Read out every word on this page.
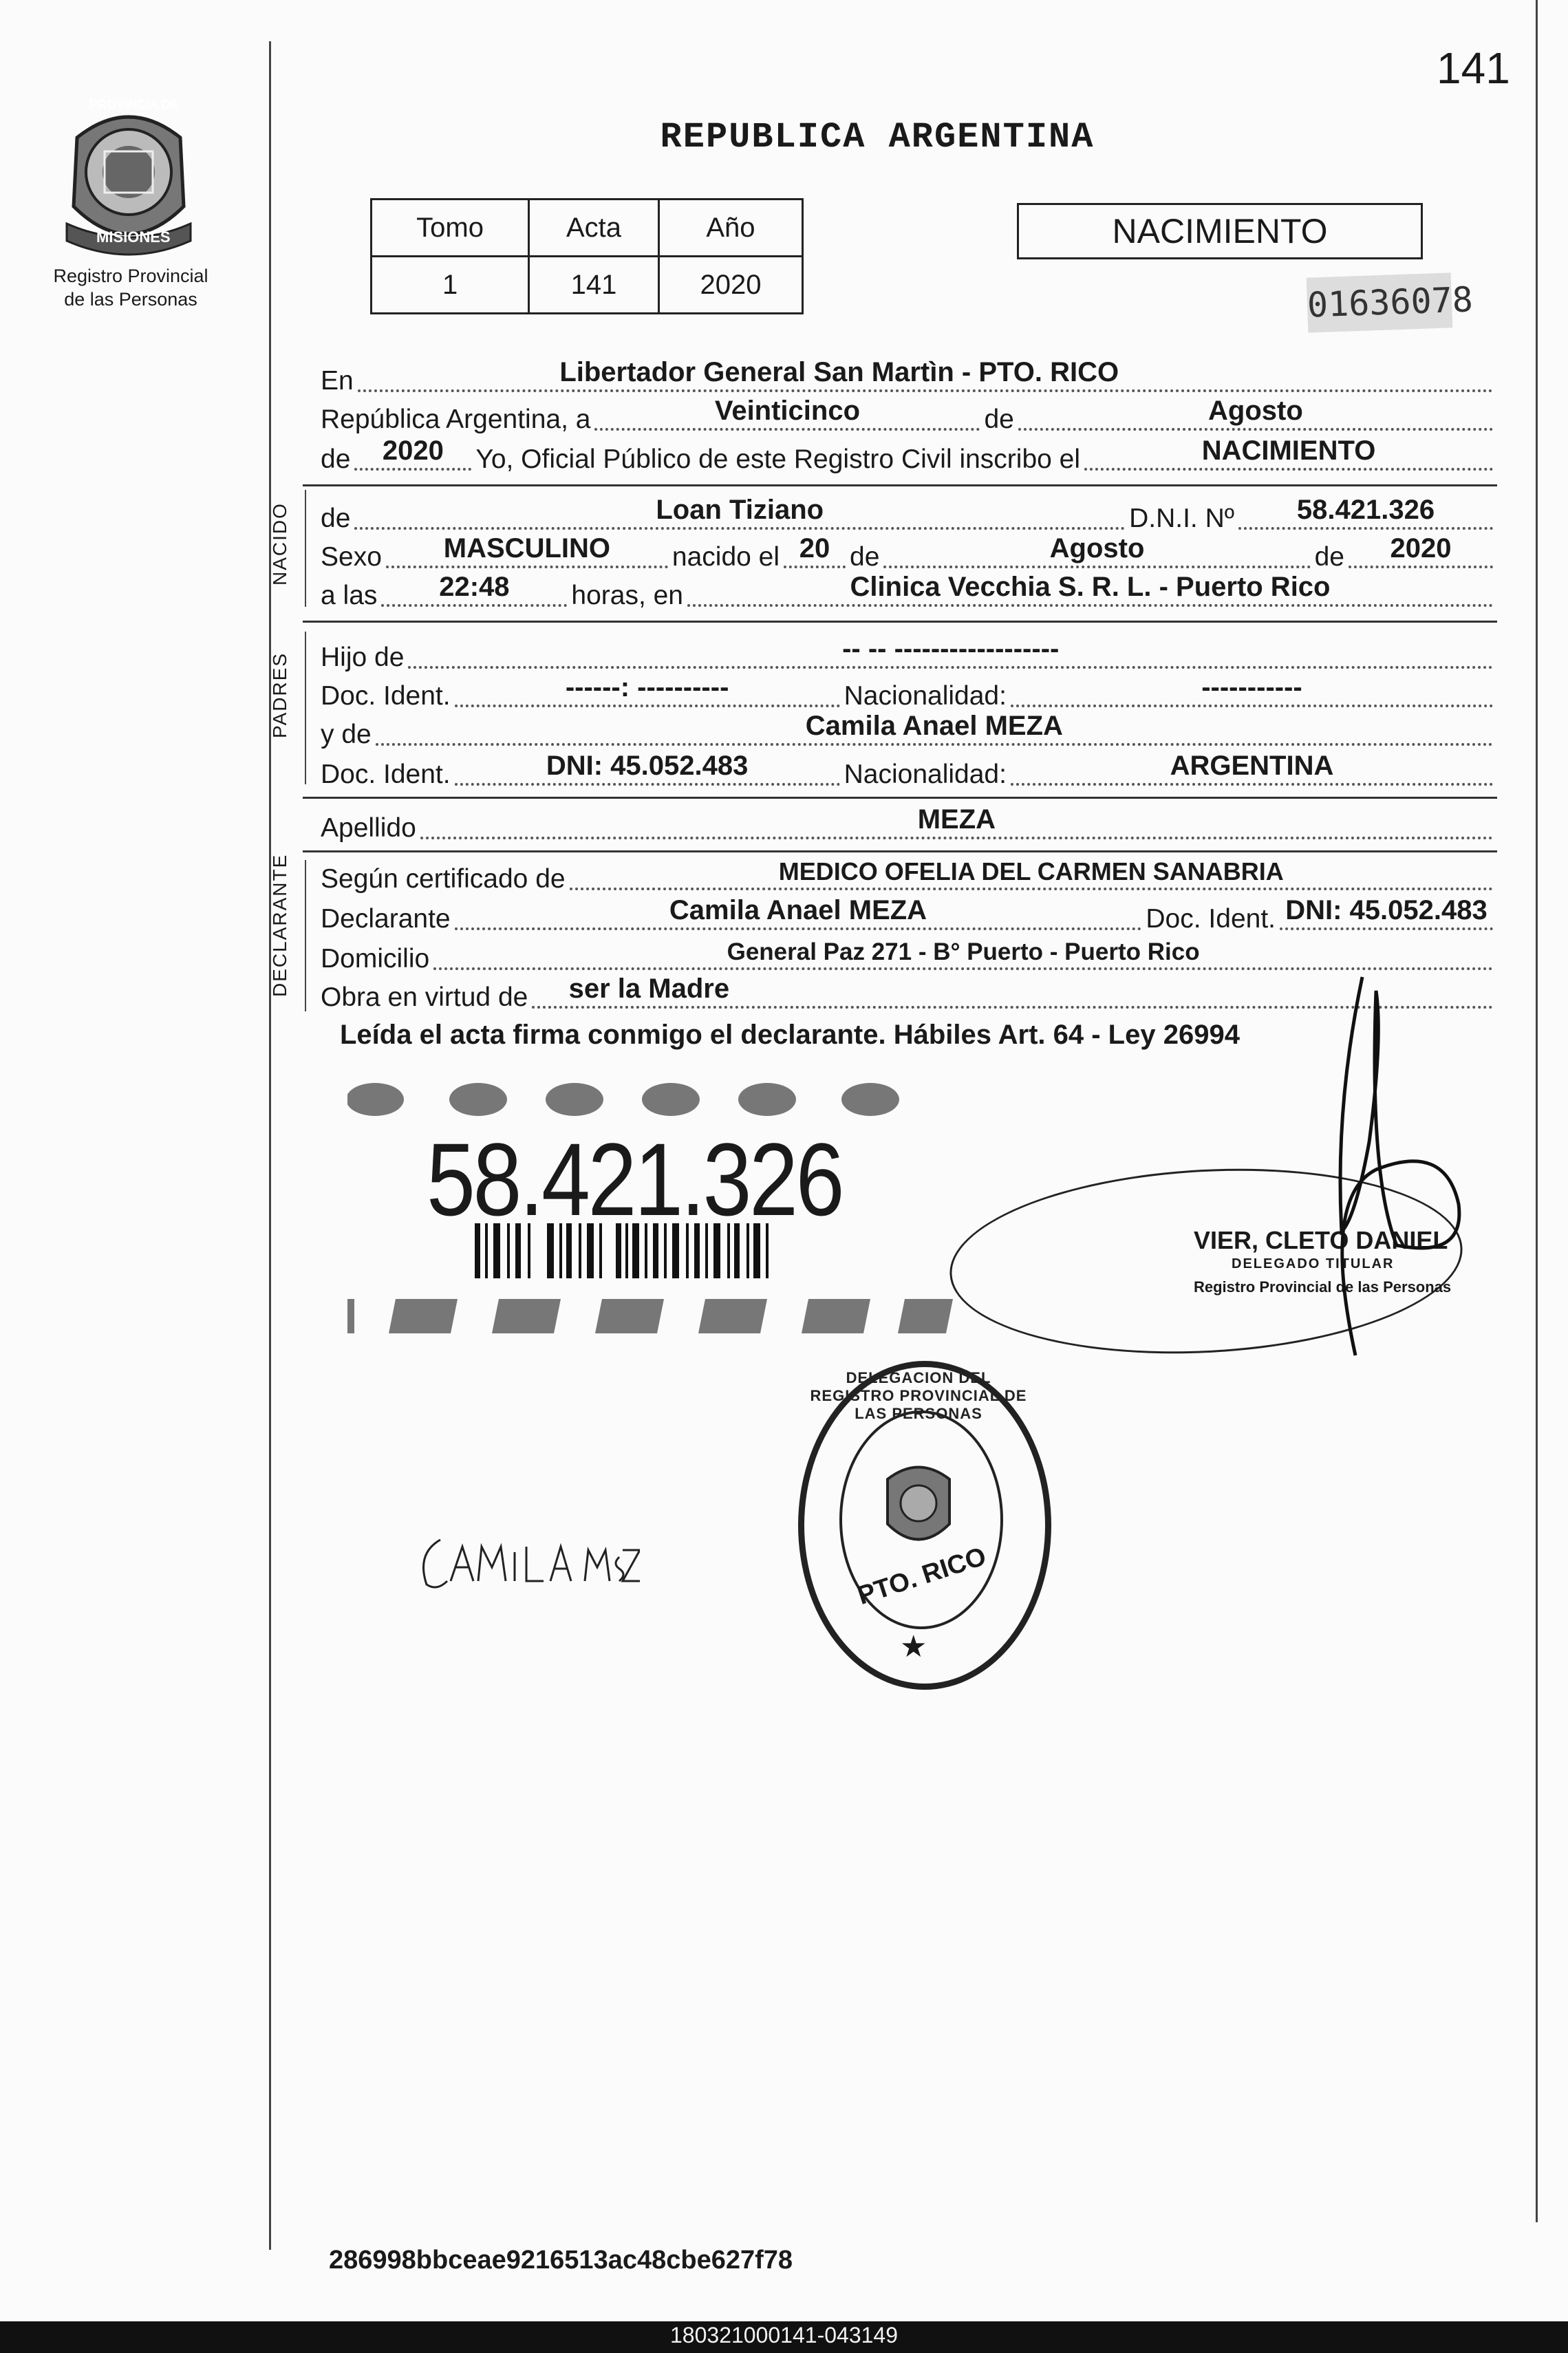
141
PROVINCIA DE
MISIONES
Registro Provincial
de las Personas
REPUBLICA ARGENTINA
Tomo	Acta	Año
1	141	2020
NACIMIENTO
01636078
En	Libertador General San Martìn - PTO. RICO
República Argentina, a	Veinticinco	de	Agosto
de	2020	Yo, Oficial Público de este Registro Civil inscribo el	NACIMIENTO
NACIDO de	Loan Tiziano	D.N.I. Nº	58.421.326
Sexo	MASCULINO	nacido el 20 de	Agosto	de	2020
a las	22:48	horas, en	Clinica Vecchia S. R. L. - Puerto Rico
PADRES Hijo de	-- -- ------------------
Doc. Ident.	------: ----------	Nacionalidad:	-----------
y de	Camila Anael MEZA
Doc. Ident.	DNI: 45.052.483	Nacionalidad:	ARGENTINA
Apellido	MEZA
DECLARANTE Según certificado de	MEDICO OFELIA DEL CARMEN SANABRIA
Declarante	Camila Anael MEZA	Doc. Ident. DNI: 45.052.483
Domicilio	General Paz 271 - B° Puerto - Puerto Rico
Obra en virtud de	ser la Madre
Leída el acta firma conmigo el declarante. Hábiles Art. 64 - Ley 26994
58.421.326
VIER, CLETO DANIEL
DELEGADO TITULAR
Registro Provincial de las Personas
DELEGACION DEL REGISTRO PROVINCIAL DE LAS PERSONAS
PTO. RICO
★
286998bbceae9216513ac48cbe627f78
180321000141-043149
